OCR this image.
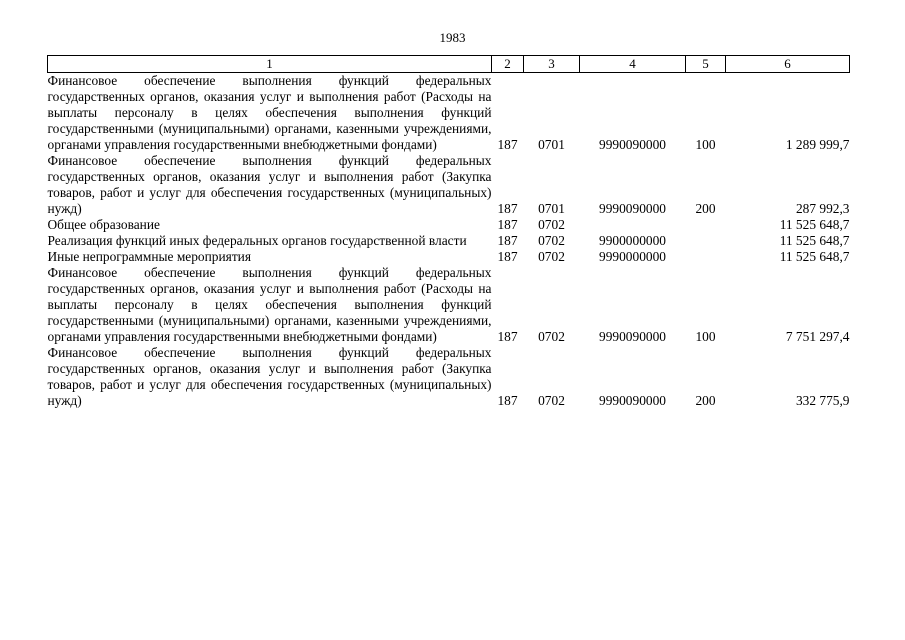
1983
1	2	3	4	5	6
Финансовое обеспечение выполнения функций федеральных государственных органов, оказания услуг и выполнения работ (Расходы на выплаты персоналу в целях обеспечения выполнения функций государственными (муниципальными) органами, казенными учреждениями, органами управления государственными внебюджетными фондами)	187	0701	9990090000	100	1 289 999,7
Финансовое обеспечение выполнения функций федеральных государственных органов, оказания услуг и выполнения работ (Закупка товаров, работ и услуг для обеспечения государственных (муниципальных) нужд)	187	0701	9990090000	200	287 992,3
Общее образование	187	0702			11 525 648,7
Реализация функций иных федеральных органов государственной власти	187	0702	9900000000		11 525 648,7
Иные непрограммные мероприятия	187	0702	9990000000		11 525 648,7
Финансовое обеспечение выполнения функций федеральных государственных органов, оказания услуг и выполнения работ (Расходы на выплаты персоналу в целях обеспечения выполнения функций государственными (муниципальными) органами, казенными учреждениями, органами управления государственными внебюджетными фондами)	187	0702	9990090000	100	7 751 297,4
Финансовое обеспечение выполнения функций федеральных государственных органов, оказания услуг и выполнения работ (Закупка товаров, работ и услуг для обеспечения государственных (муниципальных) нужд)	187	0702	9990090000	200	332 775,9
